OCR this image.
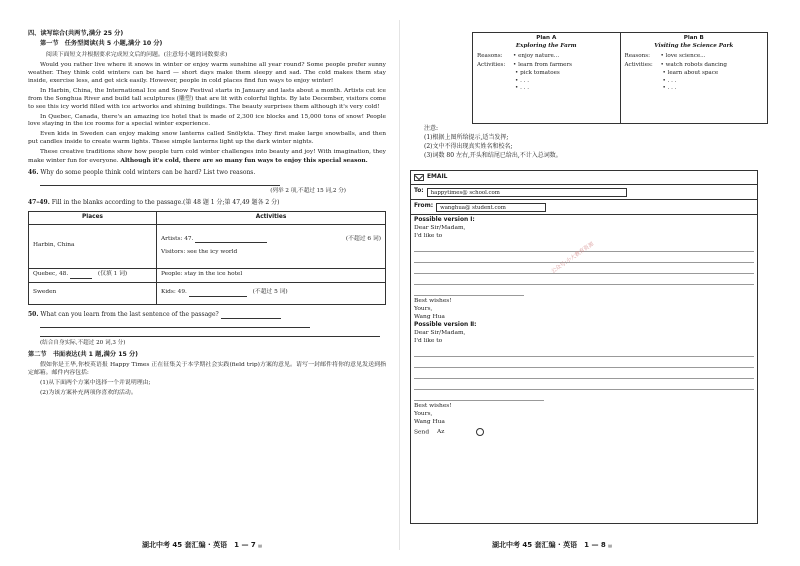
四、读写综合(共两节,满分 25 分)
第一节　任务型阅读(共 5 小题,满分 10 分)
阅读下面短文并根据要求完成短文后的问题。(注意每小题的词数要求)
Would you rather live where it snows in winter or enjoy warm sunshine all year round? Some people prefer sunny weather. They think cold winters can be hard — short days make them sleepy and sad. The cold makes them stay inside, exercise less, and get sick easily. However, people in cold places find fun ways to enjoy winter!
In Harbin, China, the International Ice and Snow Festival starts in January and lasts about a month. Artists cut ice from the Songhua River and build tall sculptures (雕塑) that are lit with colorful lights. By late December, visitors come to see this icy world filled with ice artworks and shining buildings. The beauty surprises them although it's very cold!
In Quebec, Canada, there's an amazing ice hotel that is made of 2,300 ice blocks and 15,000 tons of snow! People love staying in the ice rooms for a special winter experience.
Even kids in Sweden can enjoy making snow lanterns called Snölykta. They first make large snowballs, and then put candles inside to create warm lights. These simple lanterns light up the dark winter nights.
These creative traditions show how people turn cold winter challenges into beauty and joy! With imagination, they make winter fun for everyone. Although it's cold, there are so many fun ways to enjoy this special season.
46. Why do some people think cold winters can be hard? List two reasons.
(列举 2 项,不超过 15 词,2 分)
47–49. Fill in the blanks according to the passage.(第 48 题 1 分;第 47,49 题各 2 分)
Places	Activities
Harbin, China	Artists: 47. (不超过 6 词)
Visitors: see the icy world

Quebec, 48. (仅填 1 词)	People: stay in the ice hotel
Sweden	Kids: 49. (不超过 5 词)
50. What can you learn from the last sentence of the passage?
(结合自身实际,不超过 20 词,3 分)
第二节　书面表达(共 1 题,满分 15 分)
假如你是王华,你校英语报 Happy Times 正在征集关于本学期社会实践(field trip)方案的意见。请写一封邮件将你的意见发送到指定邮箱。邮件内容包括:
(1)从下面两个方案中选择一个并说明理由;
(2)为该方案补充两项你喜欢的活动。
湖北中考 45 套汇编 · 英语　1 — 7 ▤
Plan A
Exploring the Farm
Reasons:	• enjoy nature...
Activities:	• learn from farmers
• pick tomatoes
• . . .
• . . .
Plan B
Visiting the Science Park
Reasons:	• love science...
Activities:	• watch robots dancing
• learn about space
• . . .
• . . .
注意:
(1)根据上图所给提示,适当发挥;
(2)文中不得出现真实姓名和校名;
(3)词数 80 左右,开头和结尾已给出,不计入总词数。
EMAIL
To:	happytimes@ school.com
From:	wanghua@ student.com
Possible version Ⅰ:
Dear Sir/Madam,
I'd like to
Best wishes!
Yours,
Wang Hua
Possible version Ⅱ:
Dear Sir/Madam,
I'd like to
Best wishes!
Yours,
Wang Hua
Send Az
公众号:小大教育资源
湖北中考 45 套汇编 · 英语　1 — 8 ▤
